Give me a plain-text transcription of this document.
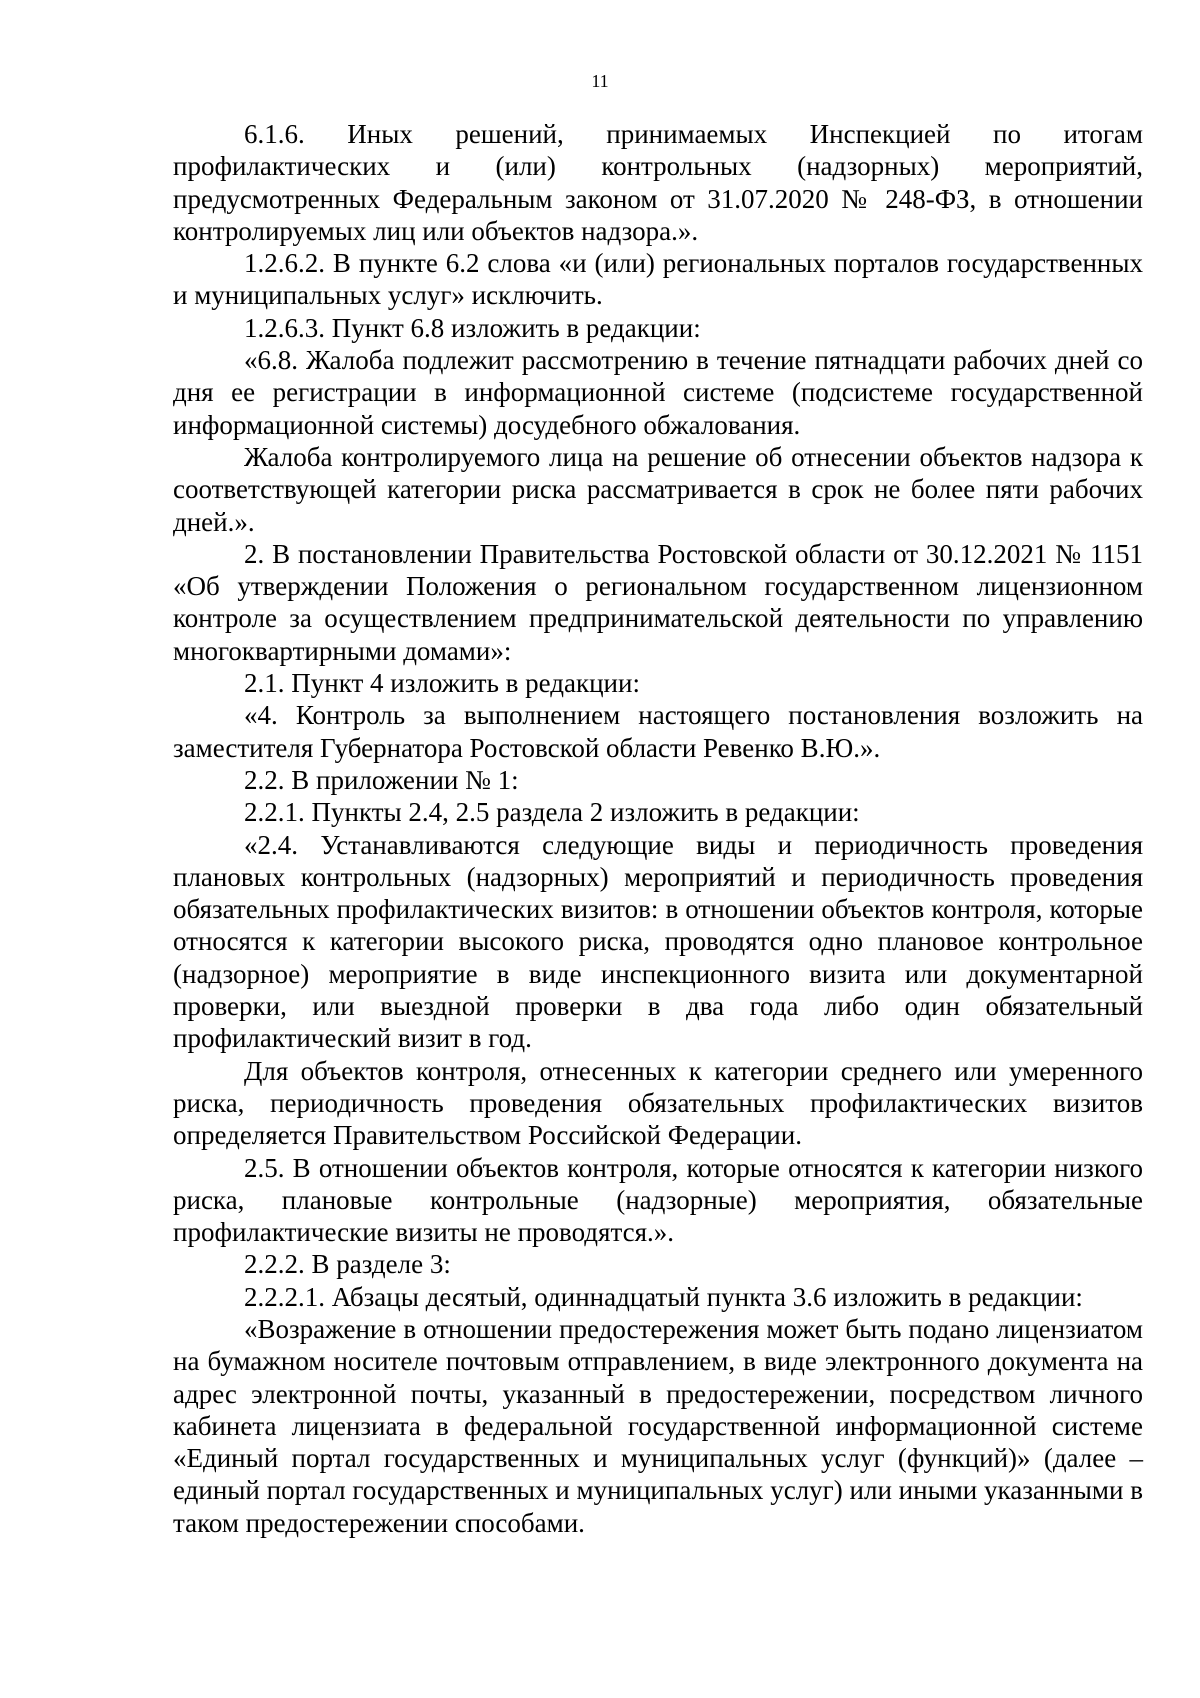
11

6.1.6. Иных решений, принимаемых Инспекцией по итогам профилактических и (или) контрольных (надзорных) мероприятий, предусмотренных Федеральным законом от 31.07.2020 № 248-ФЗ, в отношении контролируемых лиц или объектов надзора.».

1.2.6.2. В пункте 6.2 слова «и (или) региональных порталов государственных и муниципальных услуг» исключить.

1.2.6.3. Пункт 6.8 изложить в редакции:

«6.8. Жалоба подлежит рассмотрению в течение пятнадцати рабочих дней со дня ее регистрации в информационной системе (подсистеме государственной информационной системы) досудебного обжалования.

Жалоба контролируемого лица на решение об отнесении объектов надзора к соответствующей категории риска рассматривается в срок не более пяти рабочих дней.».

2. В постановлении Правительства Ростовской области от 30.12.2021 № 1151 «Об утверждении Положения о региональном государственном лицензионном контроле за осуществлением предпринимательской деятельности по управлению многоквартирными домами»:

2.1. Пункт 4 изложить в редакции:

«4. Контроль за выполнением настоящего постановления возложить на заместителя Губернатора Ростовской области Ревенко В.Ю.».

2.2. В приложении № 1:

2.2.1. Пункты 2.4, 2.5 раздела 2 изложить в редакции:

«2.4. Устанавливаются следующие виды и периодичность проведения плановых контрольных (надзорных) мероприятий и периодичность проведения обязательных профилактических визитов: в отношении объектов контроля, которые относятся к категории высокого риска, проводятся одно плановое контрольное (надзорное) мероприятие в виде инспекционного визита или документарной проверки, или выездной проверки в два года либо один обязательный профилактический визит в год.

Для объектов контроля, отнесенных к категории среднего или умеренного риска, периодичность проведения обязательных профилактических визитов определяется Правительством Российской Федерации.

2.5. В отношении объектов контроля, которые относятся к категории низкого риска, плановые контрольные (надзорные) мероприятия, обязательные профилактические визиты не проводятся.».

2.2.2. В разделе 3:

2.2.2.1. Абзацы десятый, одиннадцатый пункта 3.6 изложить в редакции:

«Возражение в отношении предостережения может быть подано лицензиатом на бумажном носителе почтовым отправлением, в виде электронного документа на адрес электронной почты, указанный в предостережении, посредством личного кабинета лицензиата в федеральной государственной информационной системе «Единый портал государственных и муниципальных услуг (функций)» (далее – единый портал государственных и муниципальных услуг) или иными указанными в таком предостережении способами.
